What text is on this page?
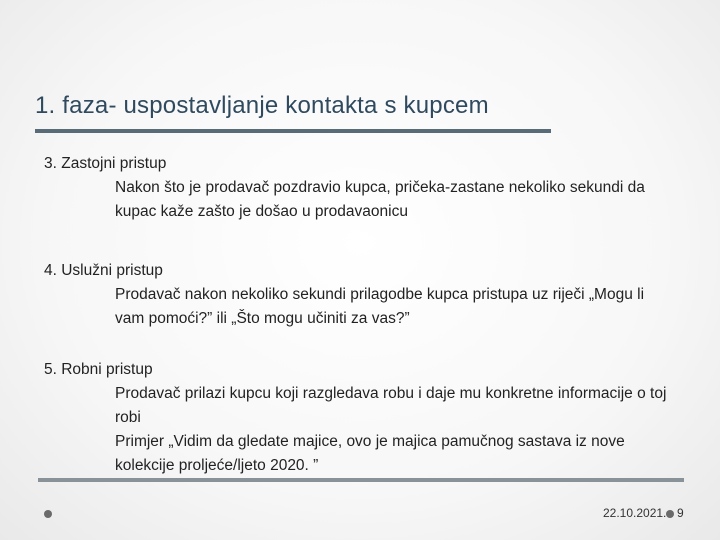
1. faza- uspostavljanje kontakta s kupcem
3. Zastojni pristup

Nakon što je prodavač pozdravio kupca, pričeka-zastane nekoliko sekundi da kupac kaže zašto je došao u prodavaonicu

4. Uslužni pristup

Prodavač nakon nekoliko sekundi prilagodbe kupca pristupa uz riječi „Mogu li vam pomoći?” ili „Što mogu učiniti za vas?”

5. Robni pristup

Prodavač prilazi kupcu koji razgledava robu i daje mu konkretne informacije o toj robi

Primjer „Vidim da gledate majice, ovo je majica pamučnog sastava iz nove kolekcije proljeće/ljeto 2020. ”

22.10.2021. 9
